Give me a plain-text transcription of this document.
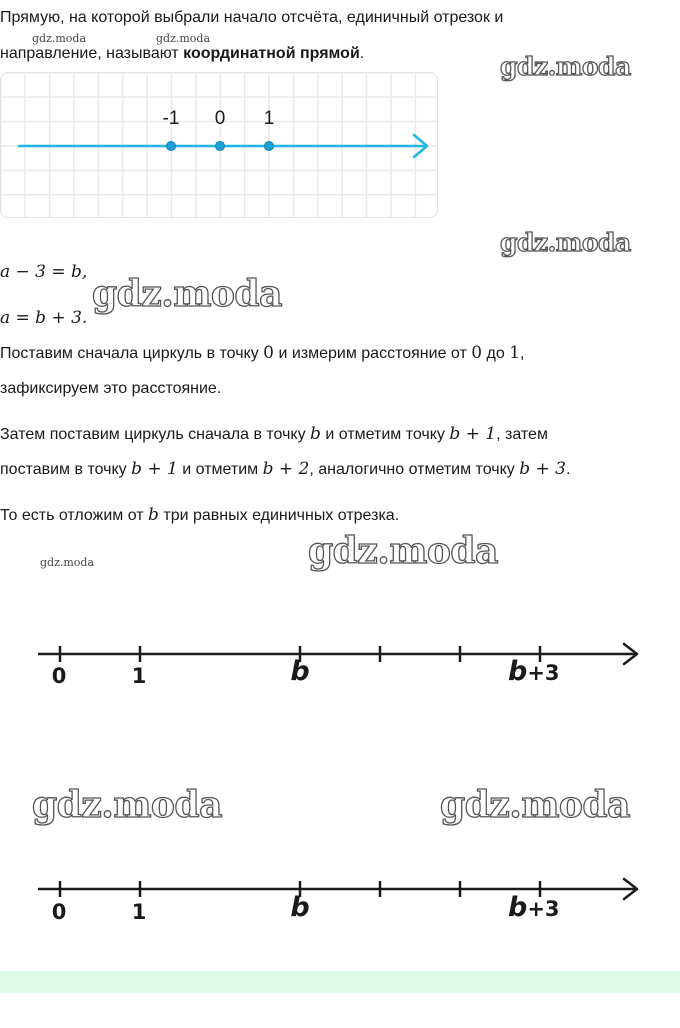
Прямую, на которой выбрали начало отсчёта, единичный отрезок и
направление, называют координатной прямой.
gdz.moda	gdz.moda
gdz.moda
gdz.moda
gdz.moda
gdz.moda
gdz.moda
gdz.moda	gdz.moda
-1	0	1
a − 3 = b,
a = b + 3.
Поставим сначала циркуль в точку 0 и измерим расстояние от 0 до 1,
зафиксируем это расстояние.
Затем поставим циркуль сначала в точку b и отметим точку b + 1, затем
поставим в точку b + 1 и отметим b + 2, аналогично отметим точку b + 3.
То есть отложим от b три равных единичных отрезка.
0	1	b	b+3
0	1	b	b+3
